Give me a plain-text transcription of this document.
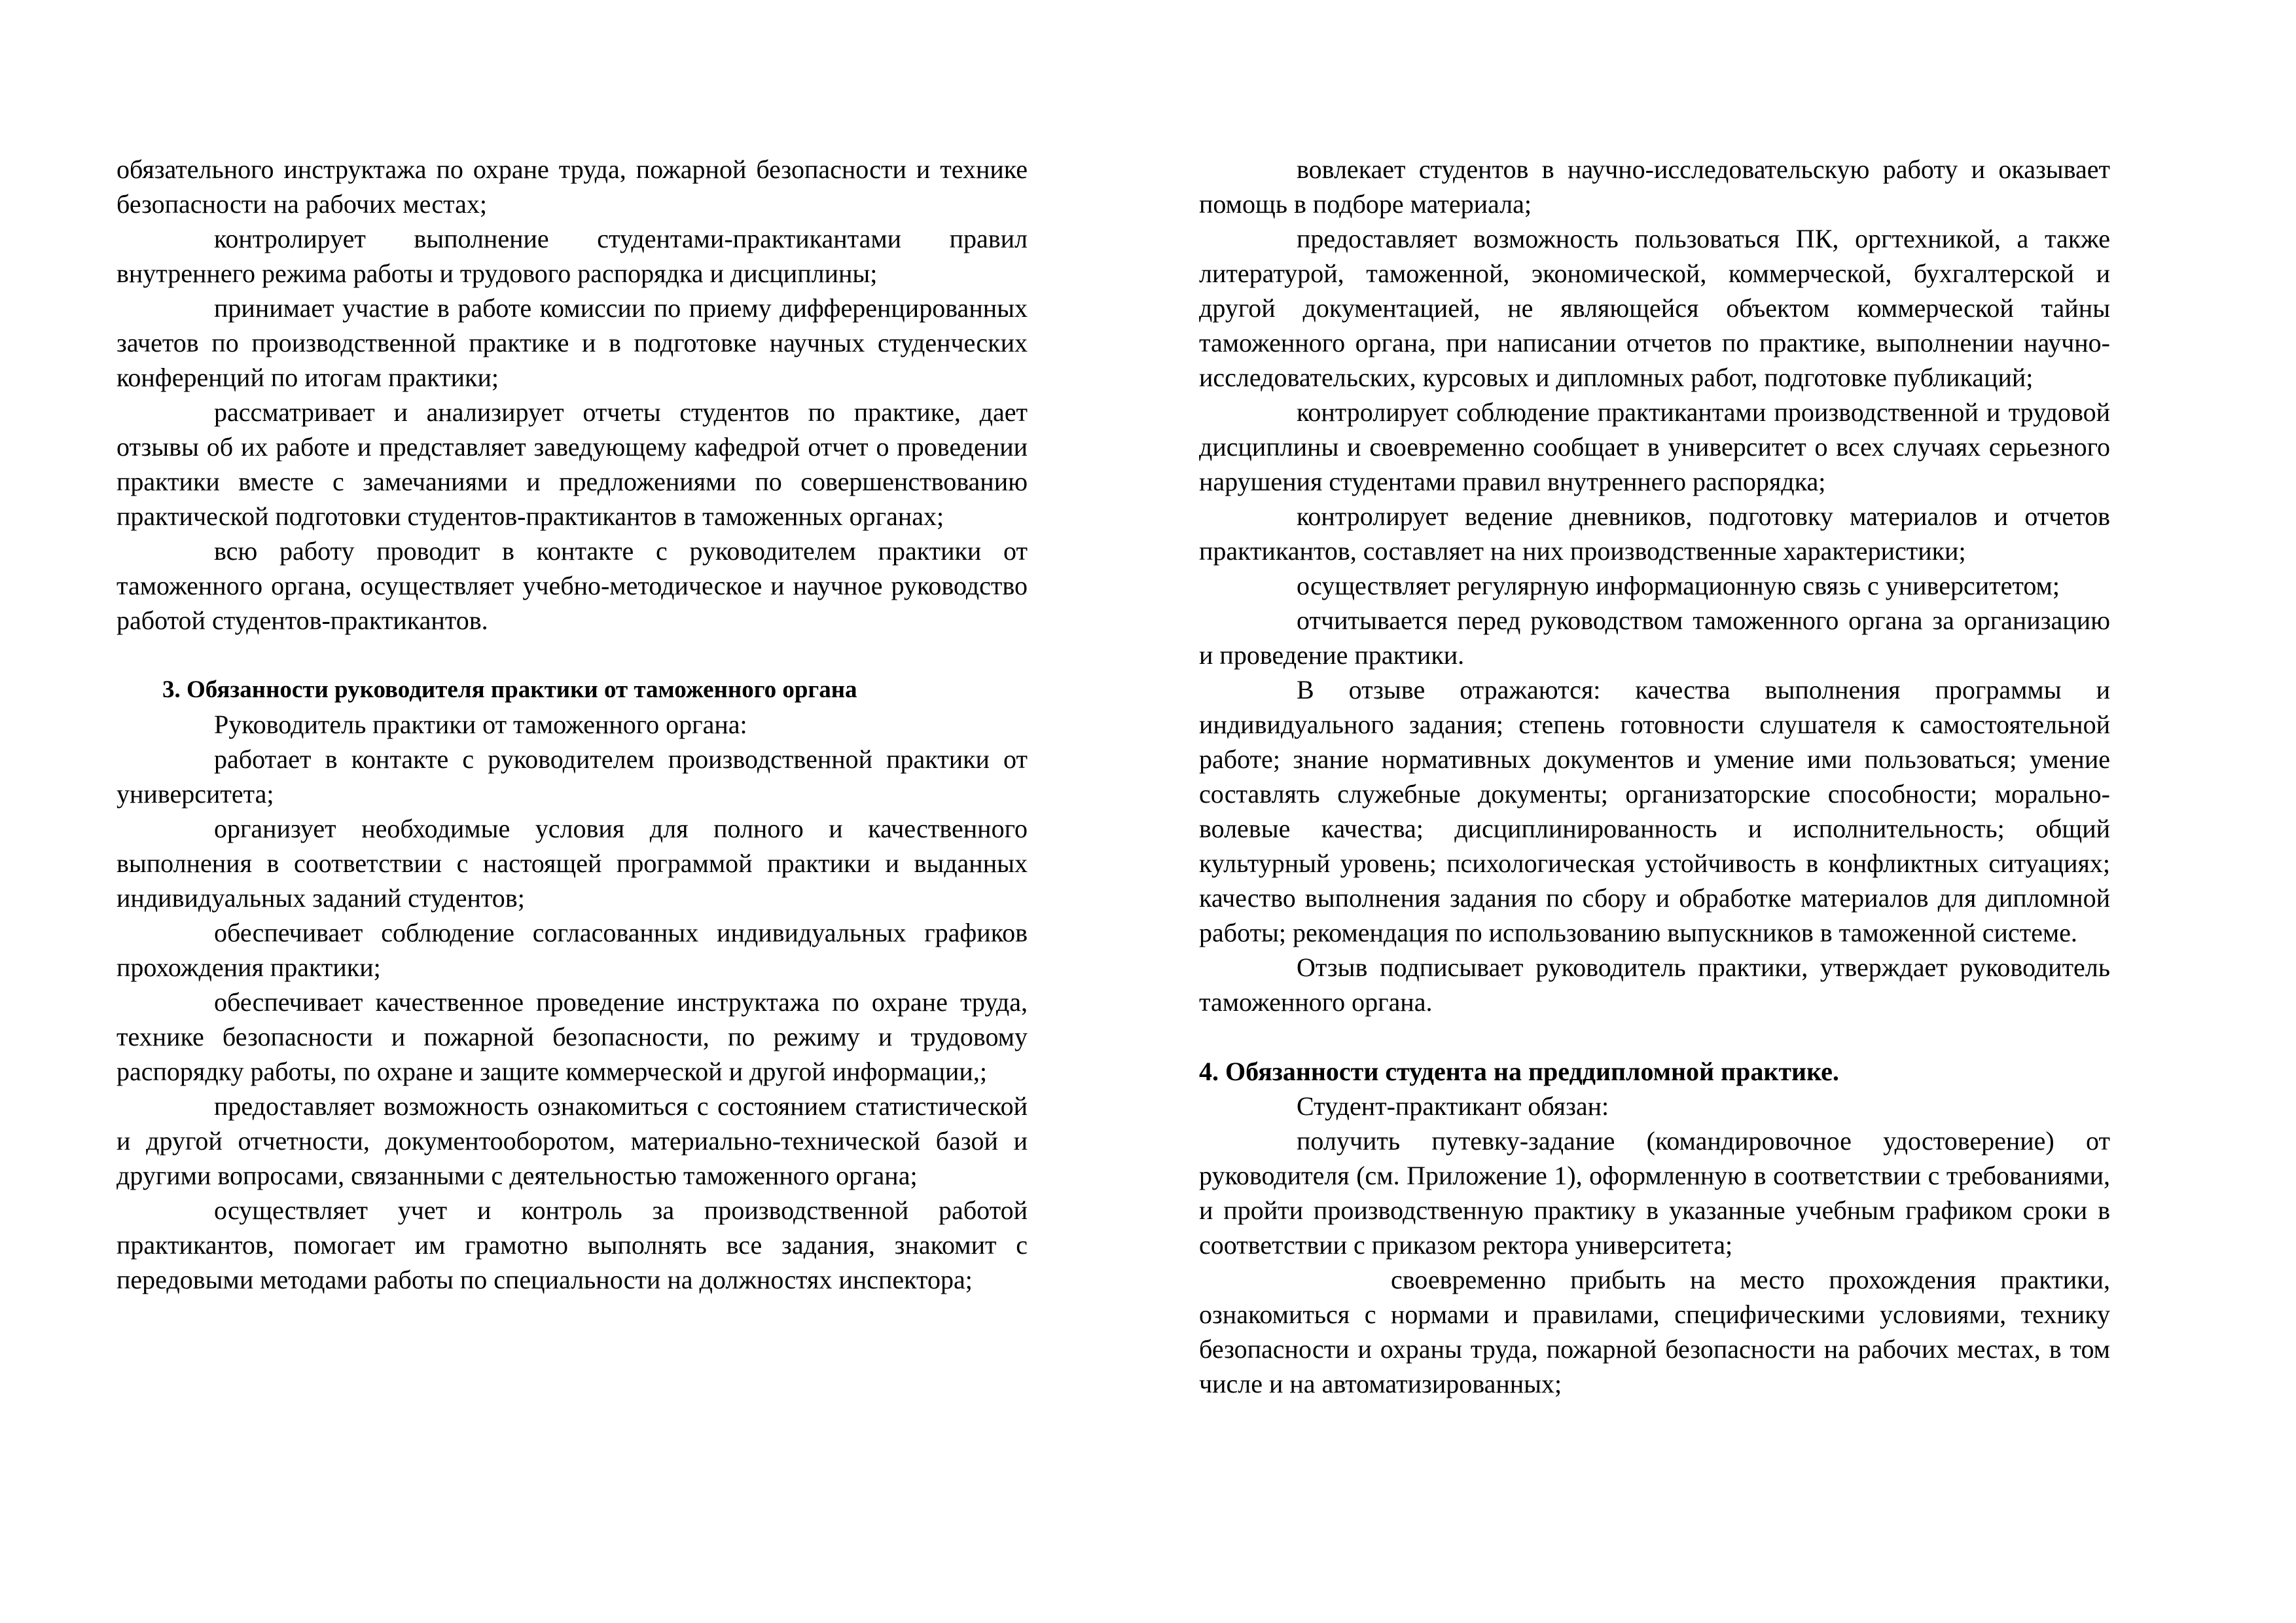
обязательного инструктажа по охране труда, пожарной безопасности и технике безопасности на рабочих местах;

контролирует выполнение студентами-практикантами правил внутреннего режима работы и трудового распорядка и дисциплины;

принимает участие в работе комиссии по приему дифференцированных зачетов по производственной практике и в подготовке научных студенческих конференций по итогам практики;

рассматривает и анализирует отчеты студентов по практике, дает отзывы об их работе и представляет заведующему кафедрой отчет о проведении практики вместе с замечаниями и предложениями по совершенствованию практической подготовки студентов-практикантов в таможенных органах;

всю работу проводит в контакте с руководителем практики от таможенного органа, осуществляет учебно-методическое и научное руководство работой студентов-практикантов.

3. Обязанности руководителя практики от таможенного органа

Руководитель практики от таможенного органа:

работает в контакте с руководителем производственной практики от университета;

организует необходимые условия для полного и качественного выполнения в соответствии с настоящей программой практики и выданных индивидуальных заданий студентов;

обеспечивает соблюдение согласованных индивидуальных графиков прохождения практики;

обеспечивает качественное проведение инструктажа по охране труда, технике безопасности и пожарной безопасности, по режиму и трудовому распорядку работы, по охране и защите коммерческой и другой информации,;

предоставляет возможность ознакомиться с состоянием статистической и другой отчетности, документооборотом, материально-технической базой и другими вопросами, связанными с деятельностью таможенного органа;

осуществляет учет и контроль за производственной работой практикантов, помогает им грамотно выполнять все задания, знакомит с передовыми методами работы по специальности на должностях инспектора;

вовлекает студентов в научно-исследовательскую работу и оказывает помощь в подборе материала;

предоставляет возможность пользоваться ПК, оргтехникой, а также литературой, таможенной, экономической, коммерческой, бухгалтерской и другой документацией, не являющейся объектом коммерческой тайны таможенного органа, при написании отчетов по практике, выполнении научно-исследовательских, курсовых и дипломных работ, подготовке публикаций;

контролирует соблюдение практикантами производственной и трудовой дисциплины и своевременно сообщает в университет о всех случаях серьезного нарушения студентами правил внутреннего распорядка;

контролирует ведение дневников, подготовку материалов и отчетов практикантов, составляет на них производственные характеристики;

осуществляет регулярную информационную связь с университетом;

отчитывается перед руководством таможенного органа за организацию и проведение практики.

В отзыве отражаются: качества выполнения программы и индивидуального задания; степень готовности слушателя к самостоятельной работе; знание нормативных документов и умение ими пользоваться; умение составлять служебные документы; организаторские способности; морально-волевые качества; дисциплинированность и исполнительность; общий культурный уровень; психологическая устойчивость в конфликтных ситуациях; качество выполнения задания по сбору и обработке материалов для дипломной работы; рекомендация по использованию выпускников в таможенной системе.

Отзыв подписывает руководитель практики, утверждает руководитель таможенного органа.

4. Обязанности студента на преддипломной практике.

Студент-практикант обязан:

получить путевку-задание (командировочное удостоверение) от руководителя (см. Приложение 1), оформленную в соответствии с требованиями, и пройти производственную практику в указанные учебным графиком сроки в соответствии с приказом ректора университета;

своевременно прибыть на место прохождения практики, ознакомиться с нормами и правилами, специфическими условиями, технику безопасности и охраны труда, пожарной безопасности на рабочих местах, в том числе и на автоматизированных;
